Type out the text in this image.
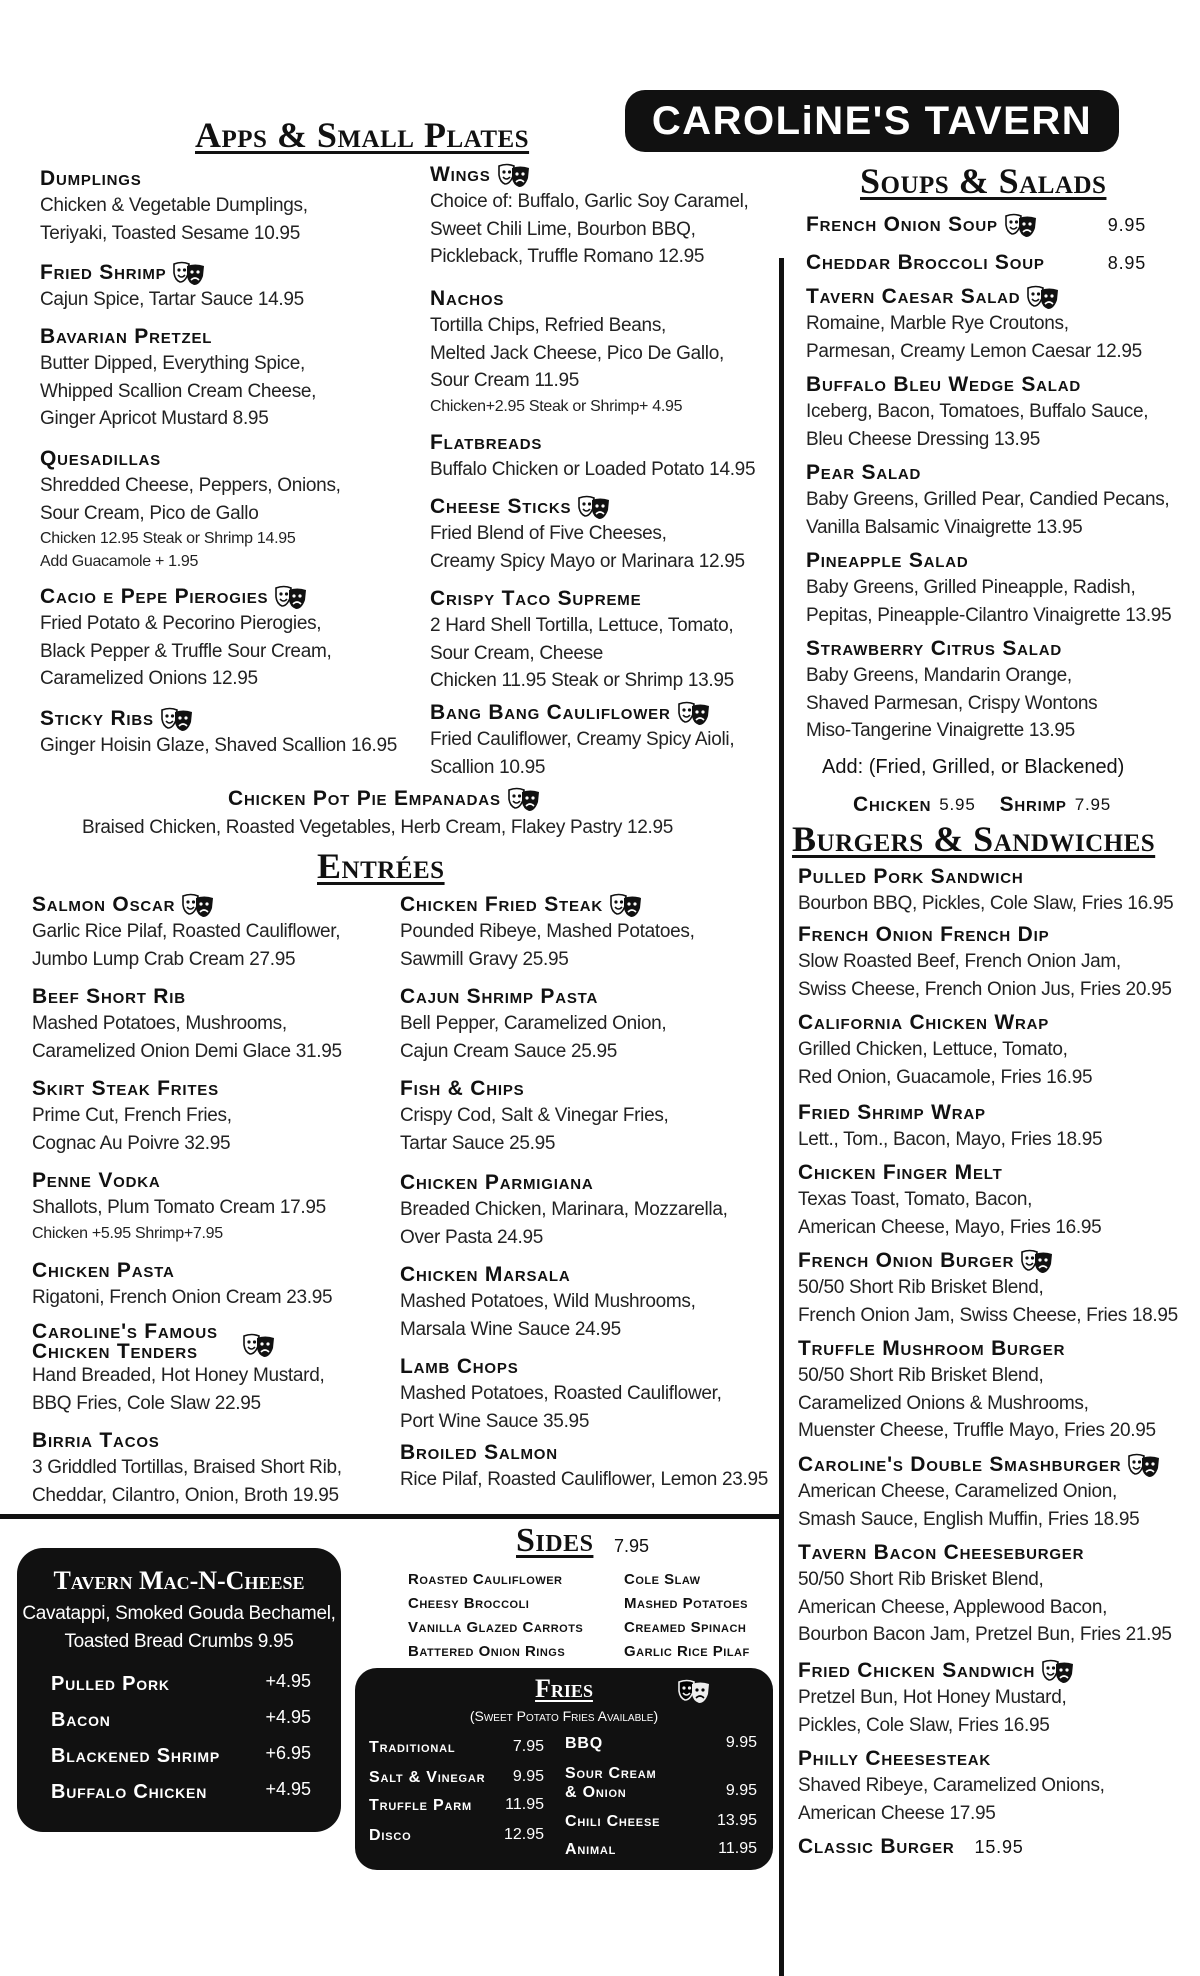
CAROLiNE'S TAVERN
Apps & Small Plates
Soups & Salads
Entrées
Burgers & Sandwiches
Sides 7.95
Dumplings
Chicken & Vegetable Dumplings,
Teriyaki, Toasted Sesame 10.95
Fried Shrimp
Cajun Spice, Tartar Sauce 14.95
Bavarian Pretzel
Butter Dipped, Everything Spice,
Whipped Scallion Cream Cheese,
Ginger Apricot Mustard 8.95
Quesadillas
Shredded Cheese, Peppers, Onions,
Sour Cream, Pico de Gallo
Chicken 12.95 Steak or Shrimp 14.95
Add Guacamole + 1.95
Cacio e Pepe Pierogies
Fried Potato & Pecorino Pierogies,
Black Pepper & Truffle Sour Cream,
Caramelized Onions 12.95
Sticky Ribs
Ginger Hoisin Glaze, Shaved Scallion 16.95
Wings
Choice of: Buffalo, Garlic Soy Caramel,
Sweet Chili Lime, Bourbon BBQ,
Pickleback, Truffle Romano 12.95
Nachos
Tortilla Chips, Refried Beans,
Melted Jack Cheese, Pico De Gallo,
Sour Cream 11.95
Chicken+2.95 Steak or Shrimp+ 4.95
Flatbreads
Buffalo Chicken or Loaded Potato 14.95
Cheese Sticks
Fried Blend of Five Cheeses,
Creamy Spicy Mayo or Marinara 12.95
Crispy Taco Supreme
2 Hard Shell Tortilla, Lettuce, Tomato,
Sour Cream, Cheese
Chicken 11.95 Steak or Shrimp 13.95
Bang Bang Cauliflower
Fried Cauliflower, Creamy Spicy Aioli,
Scallion 10.95
Salmon Oscar
Garlic Rice Pilaf, Roasted Cauliflower,
Jumbo Lump Crab Cream 27.95
Beef Short Rib
Mashed Potatoes, Mushrooms,
Caramelized Onion Demi Glace 31.95
Skirt Steak Frites
Prime Cut, French Fries,
Cognac Au Poivre 32.95
Penne Vodka
Shallots, Plum Tomato Cream 17.95
Chicken +5.95 Shrimp+7.95
Chicken Pasta
Rigatoni, French Onion Cream 23.95
Caroline's Famous
Chicken Tenders
Hand Breaded, Hot Honey Mustard,
BBQ Fries, Cole Slaw 22.95
Birria Tacos
3 Griddled Tortillas, Braised Short Rib,
Cheddar, Cilantro, Onion, Broth 19.95
Chicken Fried Steak
Pounded Ribeye, Mashed Potatoes,
Sawmill Gravy 25.95
Cajun Shrimp Pasta
Bell Pepper, Caramelized Onion,
Cajun Cream Sauce 25.95
Fish & Chips
Crispy Cod, Salt & Vinegar Fries,
Tartar Sauce 25.95
Chicken Parmigiana
Breaded Chicken, Marinara, Mozzarella,
Over Pasta 24.95
Chicken Marsala
Mashed Potatoes, Wild Mushrooms,
Marsala Wine Sauce 24.95
Lamb Chops
Mashed Potatoes, Roasted Cauliflower,
Port Wine Sauce 35.95
Broiled Salmon
Rice Pilaf, Roasted Cauliflower, Lemon 23.95
Tavern Caesar Salad
Romaine, Marble Rye Croutons,
Parmesan, Creamy Lemon Caesar 12.95
Buffalo Bleu Wedge Salad
Iceberg, Bacon, Tomatoes, Buffalo Sauce,
Bleu Cheese Dressing 13.95
Pear Salad
Baby Greens, Grilled Pear, Candied Pecans,
Vanilla Balsamic Vinaigrette 13.95
Pineapple Salad
Baby Greens, Grilled Pineapple, Radish,
Pepitas, Pineapple-Cilantro Vinaigrette 13.95
Strawberry Citrus Salad
Baby Greens, Mandarin Orange,
Shaved Parmesan, Crispy Wontons
Miso-Tangerine Vinaigrette 13.95
Pulled Pork Sandwich
Bourbon BBQ, Pickles, Cole Slaw, Fries 16.95
French Onion French Dip
Slow Roasted Beef, French Onion Jam,
Swiss Cheese, French Onion Jus, Fries 20.95
California Chicken Wrap
Grilled Chicken, Lettuce, Tomato,
Red Onion, Guacamole, Fries 16.95
Fried Shrimp Wrap
Lett., Tom., Bacon, Mayo, Fries 18.95
Chicken Finger Melt
Texas Toast, Tomato, Bacon,
American Cheese, Mayo, Fries 16.95
French Onion Burger
50/50 Short Rib Brisket Blend,
French Onion Jam, Swiss Cheese, Fries 18.95
Truffle Mushroom Burger
50/50 Short Rib Brisket Blend,
Caramelized Onions & Mushrooms,
Muenster Cheese, Truffle Mayo, Fries 20.95
Caroline's Double Smashburger
American Cheese, Caramelized Onion,
Smash Sauce, English Muffin, Fries 18.95
Tavern Bacon Cheeseburger
50/50 Short Rib Brisket Blend,
American Cheese, Applewood Bacon,
Bourbon Bacon Jam, Pretzel Bun, Fries 21.95
Fried Chicken Sandwich
Pretzel Bun, Hot Honey Mustard,
Pickles, Cole Slaw, Fries 16.95
Philly Cheesesteak
Shaved Ribeye, Caramelized Onions,
American Cheese 17.95
Classic Burger 15.95
Chicken Pot Pie Empanadas
Braised Chicken, Roasted Vegetables, Herb Cream, Flakey Pastry 12.95
French Onion Soup	9.95
Cheddar Broccoli Soup	8.95
Add: (Fried, Grilled, or Blackened)
Chicken 5.95 Shrimp 7.95
Tavern Mac-N-Cheese
Cavatappi, Smoked Gouda Bechamel,
Toasted Bread Crumbs 9.95
Pulled Pork	+4.95
Bacon	+4.95
Blackened Shrimp	+6.95
Buffalo Chicken	+4.95
Roasted Cauliflower
Cheesy Broccoli
Vanilla Glazed Carrots
Battered Onion Rings
Cole Slaw
Mashed Potatoes
Creamed Spinach
Garlic Rice Pilaf
Fries
(Sweet Potato Fries Available)
Traditional	7.95
Salt & Vinegar 9.95
Truffle Parm 11.95
Disco	12.95
BBQ	9.95
Sour Cream
& Onion	9.95
Chili Cheese	13.95
Animal	11.95
